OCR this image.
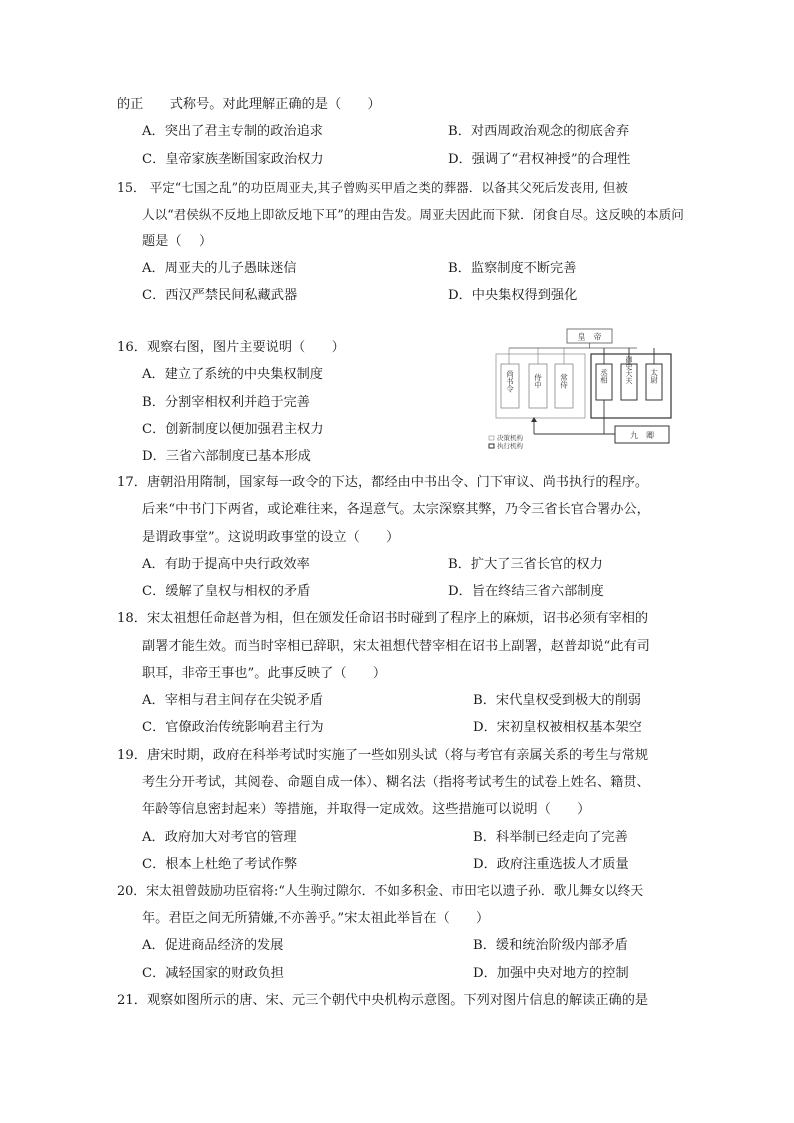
的正　　式称号。对此理解正确的是（　　）
A．突出了君主专制的政治追求	B．对西周政治观念的彻底舍弃
C．皇帝家族垄断国家政治权力	D．强调了“君权神授”的合理性
15． 平定“七国之乱”的功臣周亚夫,其子曾购买甲盾之类的葬器．以备其父死后发丧用, 但被
人以“君侯纵不反地上即欲反地下耳”的理由告发。周亚夫因此而下狱．闭食自尽。这反映的本质问
题是（　 ）
A．周亚夫的儿子愚昧迷信	B．监察制度不断完善
C．西汉严禁民间私藏武器	D．中央集权得到强化
16．观察右图，图片主要说明（　　）
A．建立了系统的中央集权制度
B．分割宰相权利并趋于完善
C．创新制度以便加强君主权力
D．三省六部制度已基本形成
皇　帝
尚书令	侍中 常侍	丞相 御史大夫 太尉
九　卿
决策机构
执行机构
17．唐朝沿用隋制，国家每一政令的下达，都经由中书出令、门下审议、尚书执行的程序。
后来“中书门下两省，或论难往来，各逞意气。太宗深察其弊，乃令三省长官合署办公，
是谓政事堂”。这说明政事堂的设立（　　）
A．有助于提高中央行政效率	B．扩大了三省长官的权力
C．缓解了皇权与相权的矛盾	D．旨在终结三省六部制度
18．宋太祖想任命赵普为相，但在颁发任命诏书时碰到了程序上的麻烦，诏书必须有宰相的
副署才能生效。而当时宰相已辞职，宋太祖想代替宰相在诏书上副署，赵普却说“此有司
职耳，非帝王事也”。此事反映了（　　）
A．宰相与君主间存在尖锐矛盾	B．宋代皇权受到极大的削弱
C．官僚政治传统影响君主行为	D．宋初皇权被相权基本架空
19．唐宋时期，政府在科举考试时实施了一些如别头试（将与考官有亲属关系的考生与常规
考生分开考试，其阅卷、命题自成一体）、糊名法（指将考试考生的试卷上姓名、籍贯、
年龄等信息密封起来）等措施，并取得一定成效。这些措施可以说明（　　）
A．政府加大对考官的管理	B．科举制已经走向了完善
C．根本上杜绝了考试作弊	D．政府注重选拔人才质量
20．宋太祖曾鼓励功臣宿将:“人生驹过隙尔．不如多积金、市田宅以遗子孙．歌儿舞女以终天
年。君臣之间无所猜嫌,不亦善乎。”宋太祖此举旨在（　　）
A．促进商品经济的发展	B．缓和统治阶级内部矛盾
C．减轻国家的财政负担	D．加强中央对地方的控制
21．观察如图所示的唐、宋、元三个朝代中央机构示意图。下列对图片信息的解读正确的是
